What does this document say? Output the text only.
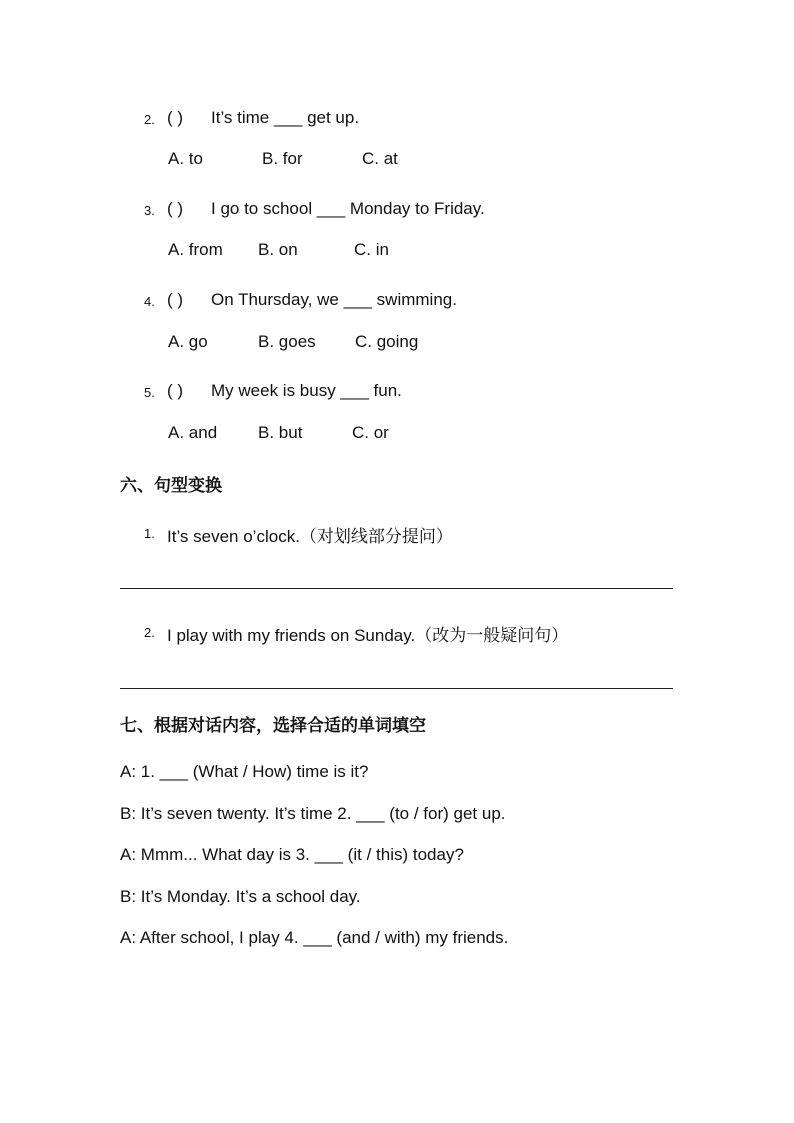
2. ( ) It’s time ___ get up.
A. to	B. for	C. at
3. ( ) I go to school ___ Monday to Friday.
A. from B. on	C. in
4. ( ) On Thursday, we ___ swimming.
A. go	B. goes C. going
5. ( ) My week is busy ___ fun.
A. and B. but	C. or
六、句型变换
1. It’s seven o’clock.（对划线部分提问）
2. I play with my friends on Sunday.（改为一般疑问句）
七、根据对话内容，选择合适的单词填空
A: 1. ___ (What / How) time is it?
B: It’s seven twenty. It’s time 2. ___ (to / for) get up.
A: Mmm... What day is 3. ___ (it / this) today?
B: It’s Monday. It’s a school day.
A: After school, I play 4. ___ (and / with) my friends.
